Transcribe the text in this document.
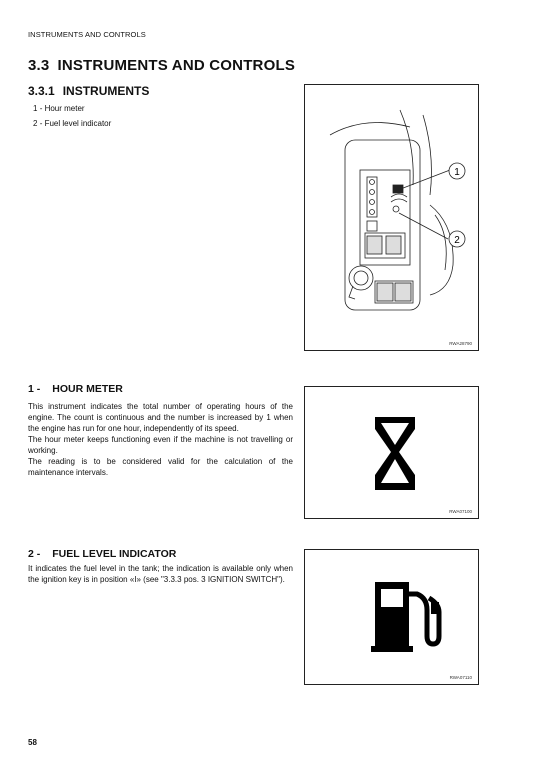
INSTRUMENTS AND CONTROLS
3.3 INSTRUMENTS AND CONTROLS
3.3.1 INSTRUMENTS
1 - Hour meter
2 - Fuel level indicator
1
2
RWA28790
1 - HOUR METER

This instrument indicates the total number of operating hours of the engine. The count is continuous and the number is increased by 1 when the engine has run for one hour, independently of its speed.

The hour meter keeps functioning even if the machine is not travelling or working.

The reading is to be considered valid for the calculation of the maintenance intervals.

RWA07100
2 - FUEL LEVEL INDICATOR
It indicates the fuel level in the tank; the indication is available only when the ignition key is in position «I» (see "3.3.3 pos. 3 IGNITION SWITCH").
RWA07110
58
